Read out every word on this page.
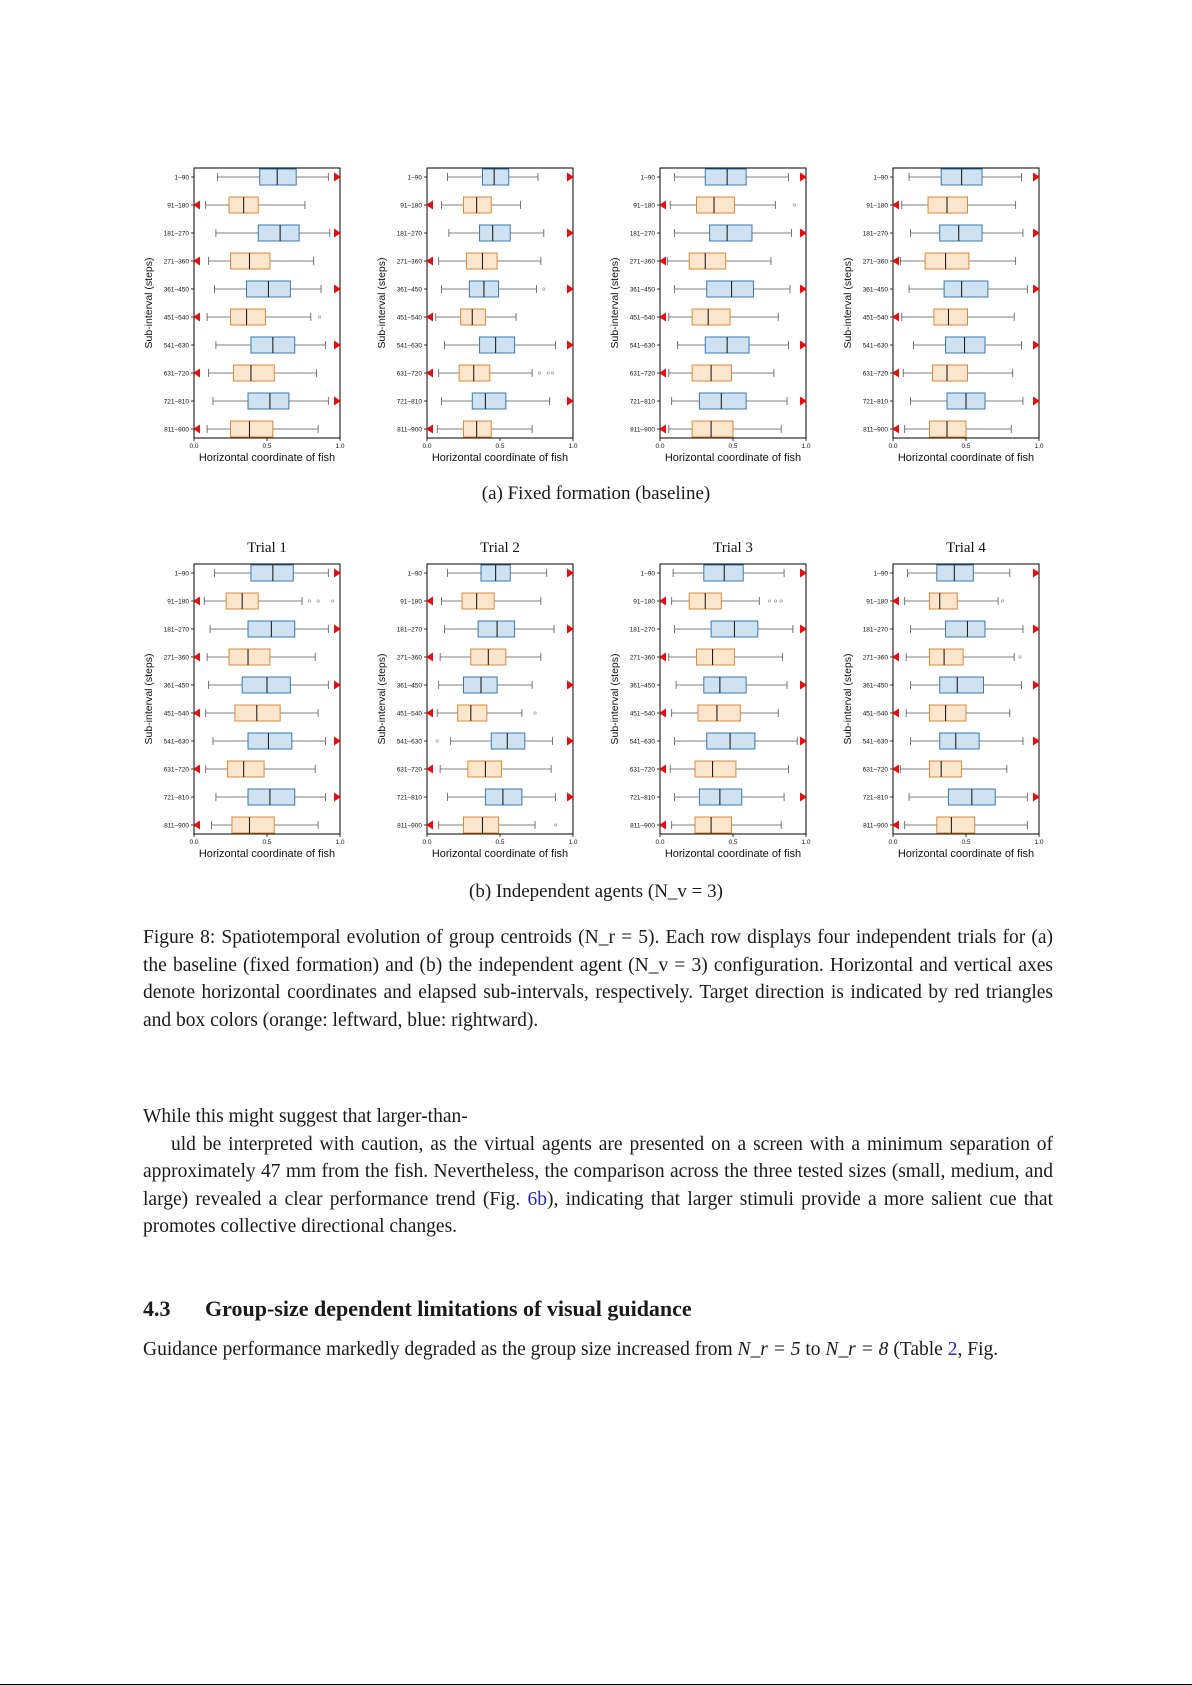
Sub-interval (steps)
0.0	0.5	1.0
Horizontal coordinate of fish
1–90
91–180
181–270
271–360
361–450
451–540
541–630
631–720
721–810
811–900
Sub-interval (steps)
0.0	0.5	1.0
Horizontal coordinate of fish
1–90
91–180
181–270
271–360
361–450
451–540
541–630
631–720
721–810
811–900
Sub-interval (steps)
0.0	0.5	1.0
Horizontal coordinate of fish
1–90
91–180
181–270
271–360
361–450
451–540
541–630
631–720
721–810
811–900
Sub-interval (steps)
0.0	0.5	1.0
Horizontal coordinate of fish
1–90
91–180
181–270
271–360
361–450
451–540
541–630
631–720
721–810
811–900
Trial 1
Sub-interval (steps)
0.0	0.5	1.0
Horizontal coordinate of fish
1–90
91–180
181–270
271–360
361–450
451–540
541–630
631–720
721–810
811–900
Trial 2
Sub-interval (steps)
0.0	0.5	1.0
Horizontal coordinate of fish
1–90
91–180
181–270
271–360
361–450
451–540
541–630
631–720
721–810
811–900
Trial 3
Sub-interval (steps)
0.0	0.5	1.0
Horizontal coordinate of fish
1–90
91–180
181–270
271–360
361–450
451–540
541–630
631–720
721–810
811–900
Trial 4
Sub-interval (steps)
0.0	0.5	1.0
Horizontal coordinate of fish
1–90
91–180
181–270
271–360
361–450
451–540
541–630
631–720
721–810
811–900
(a) Fixed formation (baseline)
(b) Independent agents (N_v = 3)
Figure 8: Spatiotemporal evolution of group centroids (N_r = 5). Each row displays four independent trials for (a) the baseline (fixed formation) and (b) the independent agent (N_v = 3) configuration. Horizontal and vertical axes denote horizontal coordinates and elapsed sub-intervals, respectively. Target direction is indicated by red triangles and box colors (orange: leftward, blue: rightward).
While this might suggest that larger-than-
uld be interpreted with caution, as the virtual agents are presented on a screen with a minimum separation of approximately 47 mm from the fish. Nevertheless, the comparison across the three tested sizes (small, medium, and large) revealed a clear performance trend (Fig. 6b), indicating that larger stimuli provide a more salient cue that promotes collective directional changes.
4.3 Group-size dependent limitations of visual guidance
Guidance performance markedly degraded as the group size increased from N_r = 5 to N_r = 8 (Table 2, Fig.
